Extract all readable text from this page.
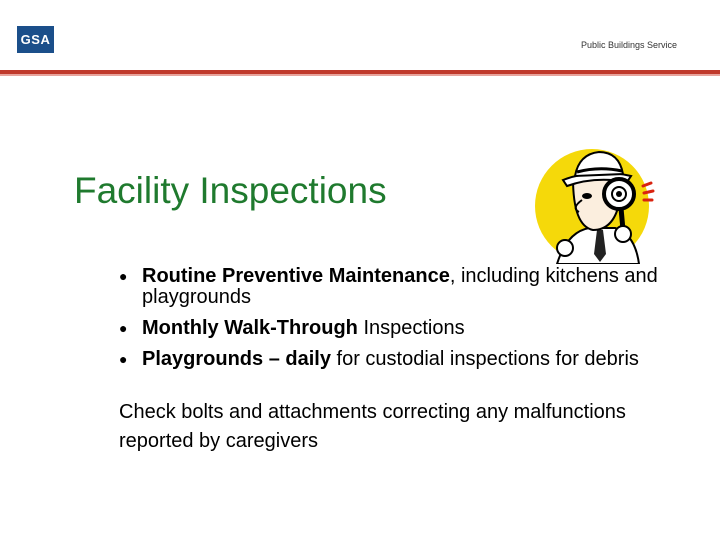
GSA	Public Buildings Service
Facility Inspections
● Routine Preventive Maintenance, including kitchens and playgrounds
● Monthly Walk-Through Inspections
● Playgrounds – daily for custodial inspections for debris

Check bolts and attachments correcting any malfunctions reported by caregivers
